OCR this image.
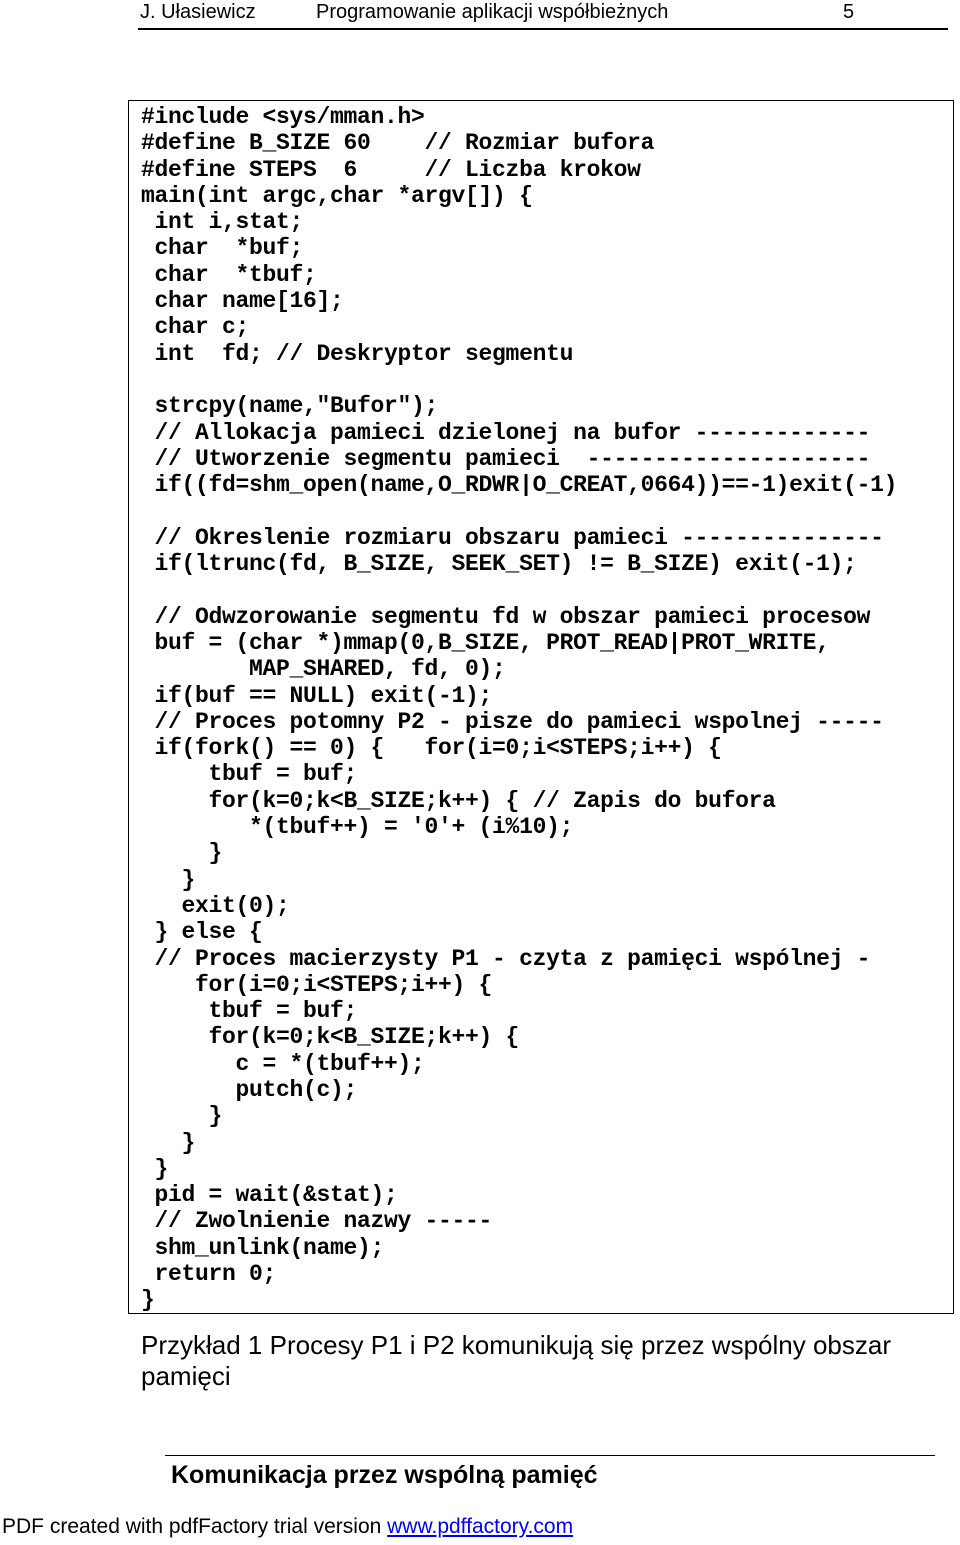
J. Ułasiewicz	Programowanie aplikacji współbieżnych	5
#include <sys/mman.h>
#define B_SIZE 60    // Rozmiar bufora
#define STEPS  6     // Liczba krokow
main(int argc,char *argv[]) {
int i,stat;
char  *buf;
char  *tbuf;
char name[16];
char c;
int  fd; // Deskryptor segmentu
strcpy(name,"Bufor");
// Allokacja pamieci dzielonej na bufor -------------
// Utworzenie segmentu pamieci  ---------------------
if((fd=shm_open(name,O_RDWR|O_CREAT,0664))==-1)exit(-1)
// Okreslenie rozmiaru obszaru pamieci ---------------
if(ltrunc(fd, B_SIZE, SEEK_SET) != B_SIZE) exit(-1);
// Odwzorowanie segmentu fd w obszar pamieci procesow
buf = (char *)mmap(0,B_SIZE, PROT_READ|PROT_WRITE,
MAP_SHARED, fd, 0);
if(buf == NULL) exit(-1);
// Proces potomny P2 - pisze do pamieci wspolnej -----
if(fork() == 0) {   for(i=0;i<STEPS;i++) {
tbuf = buf;
for(k=0;k<B_SIZE;k++) { // Zapis do bufora
*(tbuf++) = '0'+ (i%10);
}
}
exit(0);
} else {
// Proces macierzysty P1 - czyta z pamięci wspólnej -
for(i=0;i<STEPS;i++) {
tbuf = buf;
for(k=0;k<B_SIZE;k++) {
c = *(tbuf++);
putch(c);
}
}
}
pid = wait(&stat);
// Zwolnienie nazwy -----
shm_unlink(name);
return 0;
}
Przykład 1 Procesy P1 i P2 komunikują się przez wspólny obszar pamięci
Komunikacja przez wspólną pamięć
PDF created with pdfFactory trial version www.pdffactory.com
